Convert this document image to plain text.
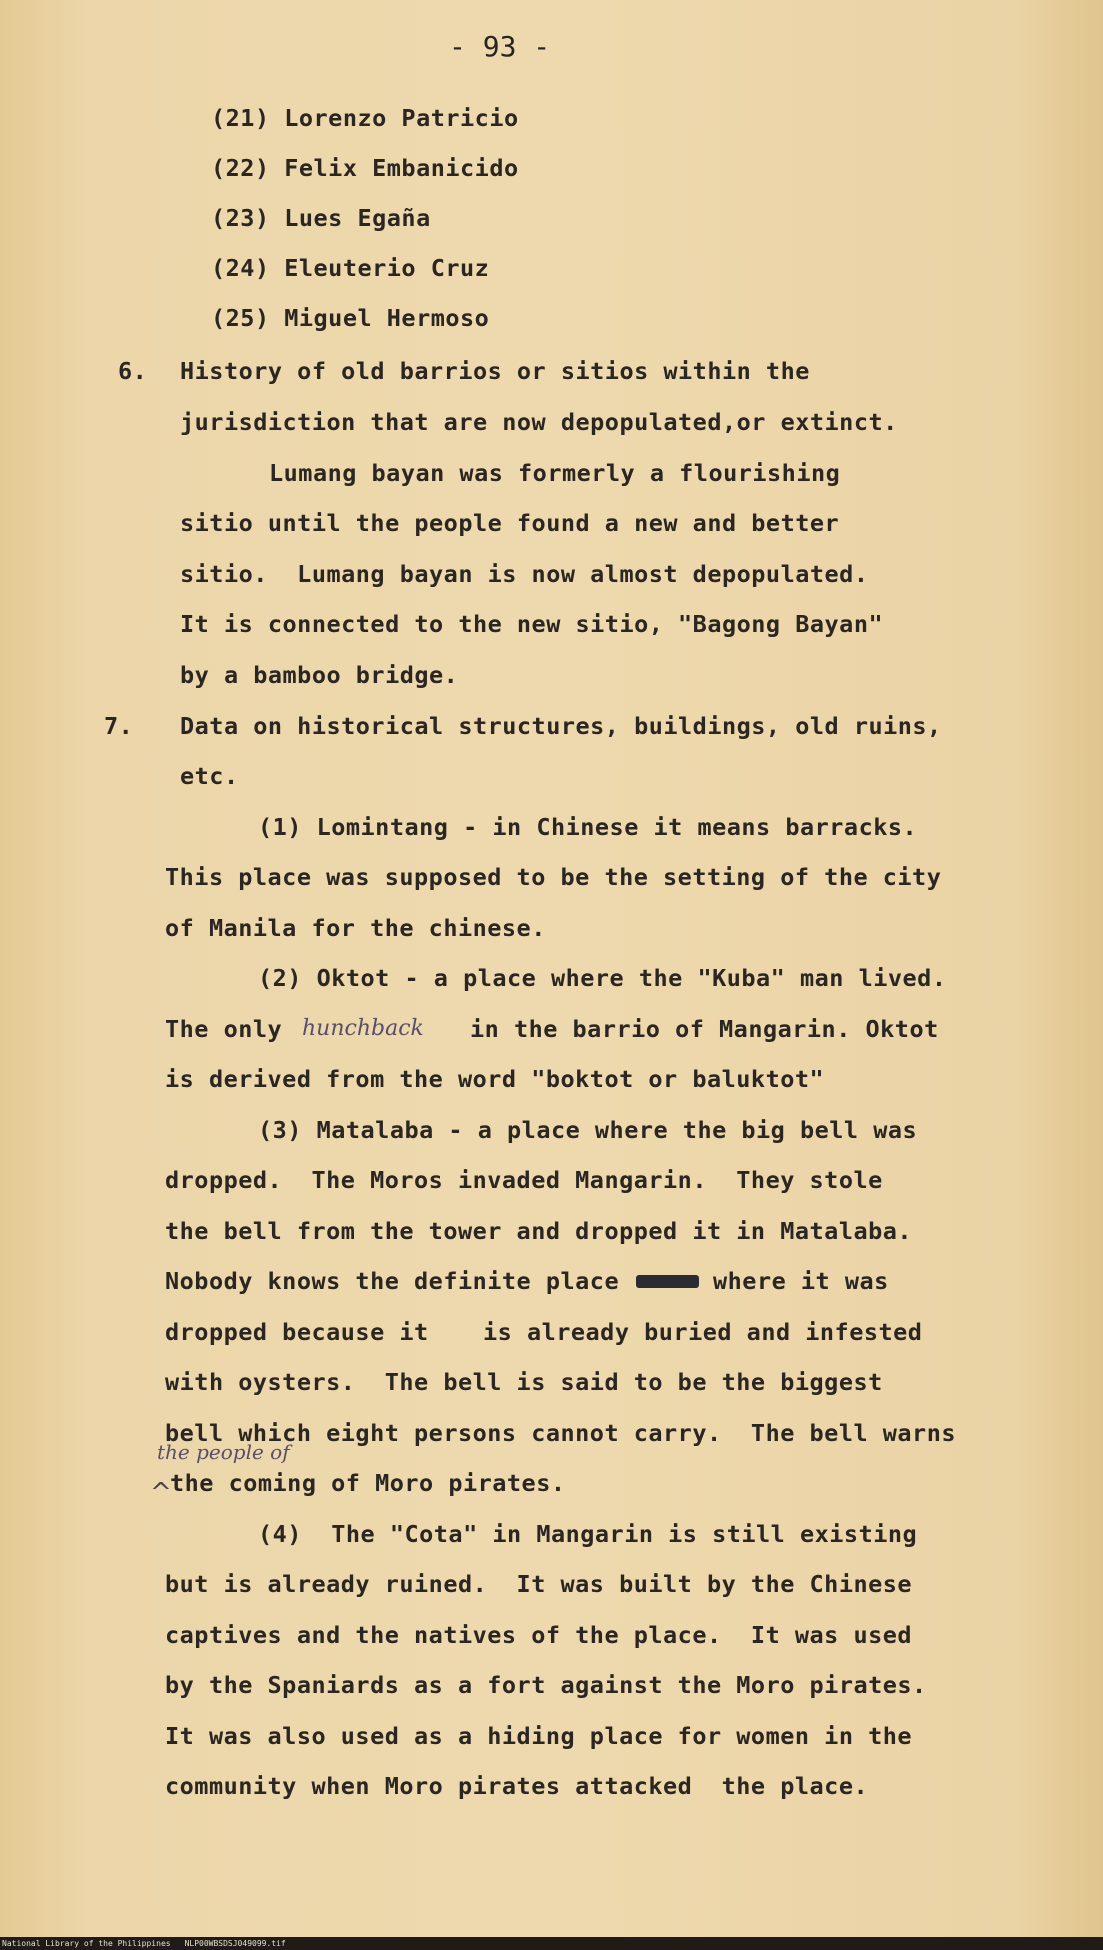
- 93 -
(21) Lorenzo Patricio
(22) Felix Embanicido
(23) Lues Egaña
(24) Eleuterio Cruz
(25) Miguel Hermoso
6. History of old barrios or sitios within the
jurisdiction that are now depopulated,or extinct.
Lumang bayan was formerly a flourishing
sitio until the people found a new and better
sitio.  Lumang bayan is now almost depopulated.
It is connected to the new sitio, "Bagong Bayan"
by a bamboo bridge.
7. Data on historical structures, buildings, old ruins,
etc.
(1) Lomintang - in Chinese it means barracks.
This place was supposed to be the setting of the city
of Manila for the chinese.
(2) Oktot - a place where the "Kuba" man lived.
The only hunchback in the barrio of Mangarin. Oktot
is derived from the word "boktot or baluktot"
(3) Matalaba - a place where the big bell was
dropped.  The Moros invaded Mangarin.  They stole
the bell from the tower and dropped it in Matalaba.
Nobody knows the definite place	where it was
dropped because it is already buried and infested
with oysters.  The bell is said to be the biggest
bell which eight persons cannot carry.  The bell warns
the people of
^
the coming of Moro pirates.
(4)  The "Cota" in Mangarin is still existing
but is already ruined.  It was built by the Chinese
captives and the natives of the place.  It was used
by the Spaniards as a fort against the Moro pirates.
It was also used as a hiding place for women in the
community when Moro pirates attacked  the place.
National Library of the Philippines NLP00WBSDSJ049099.tif
